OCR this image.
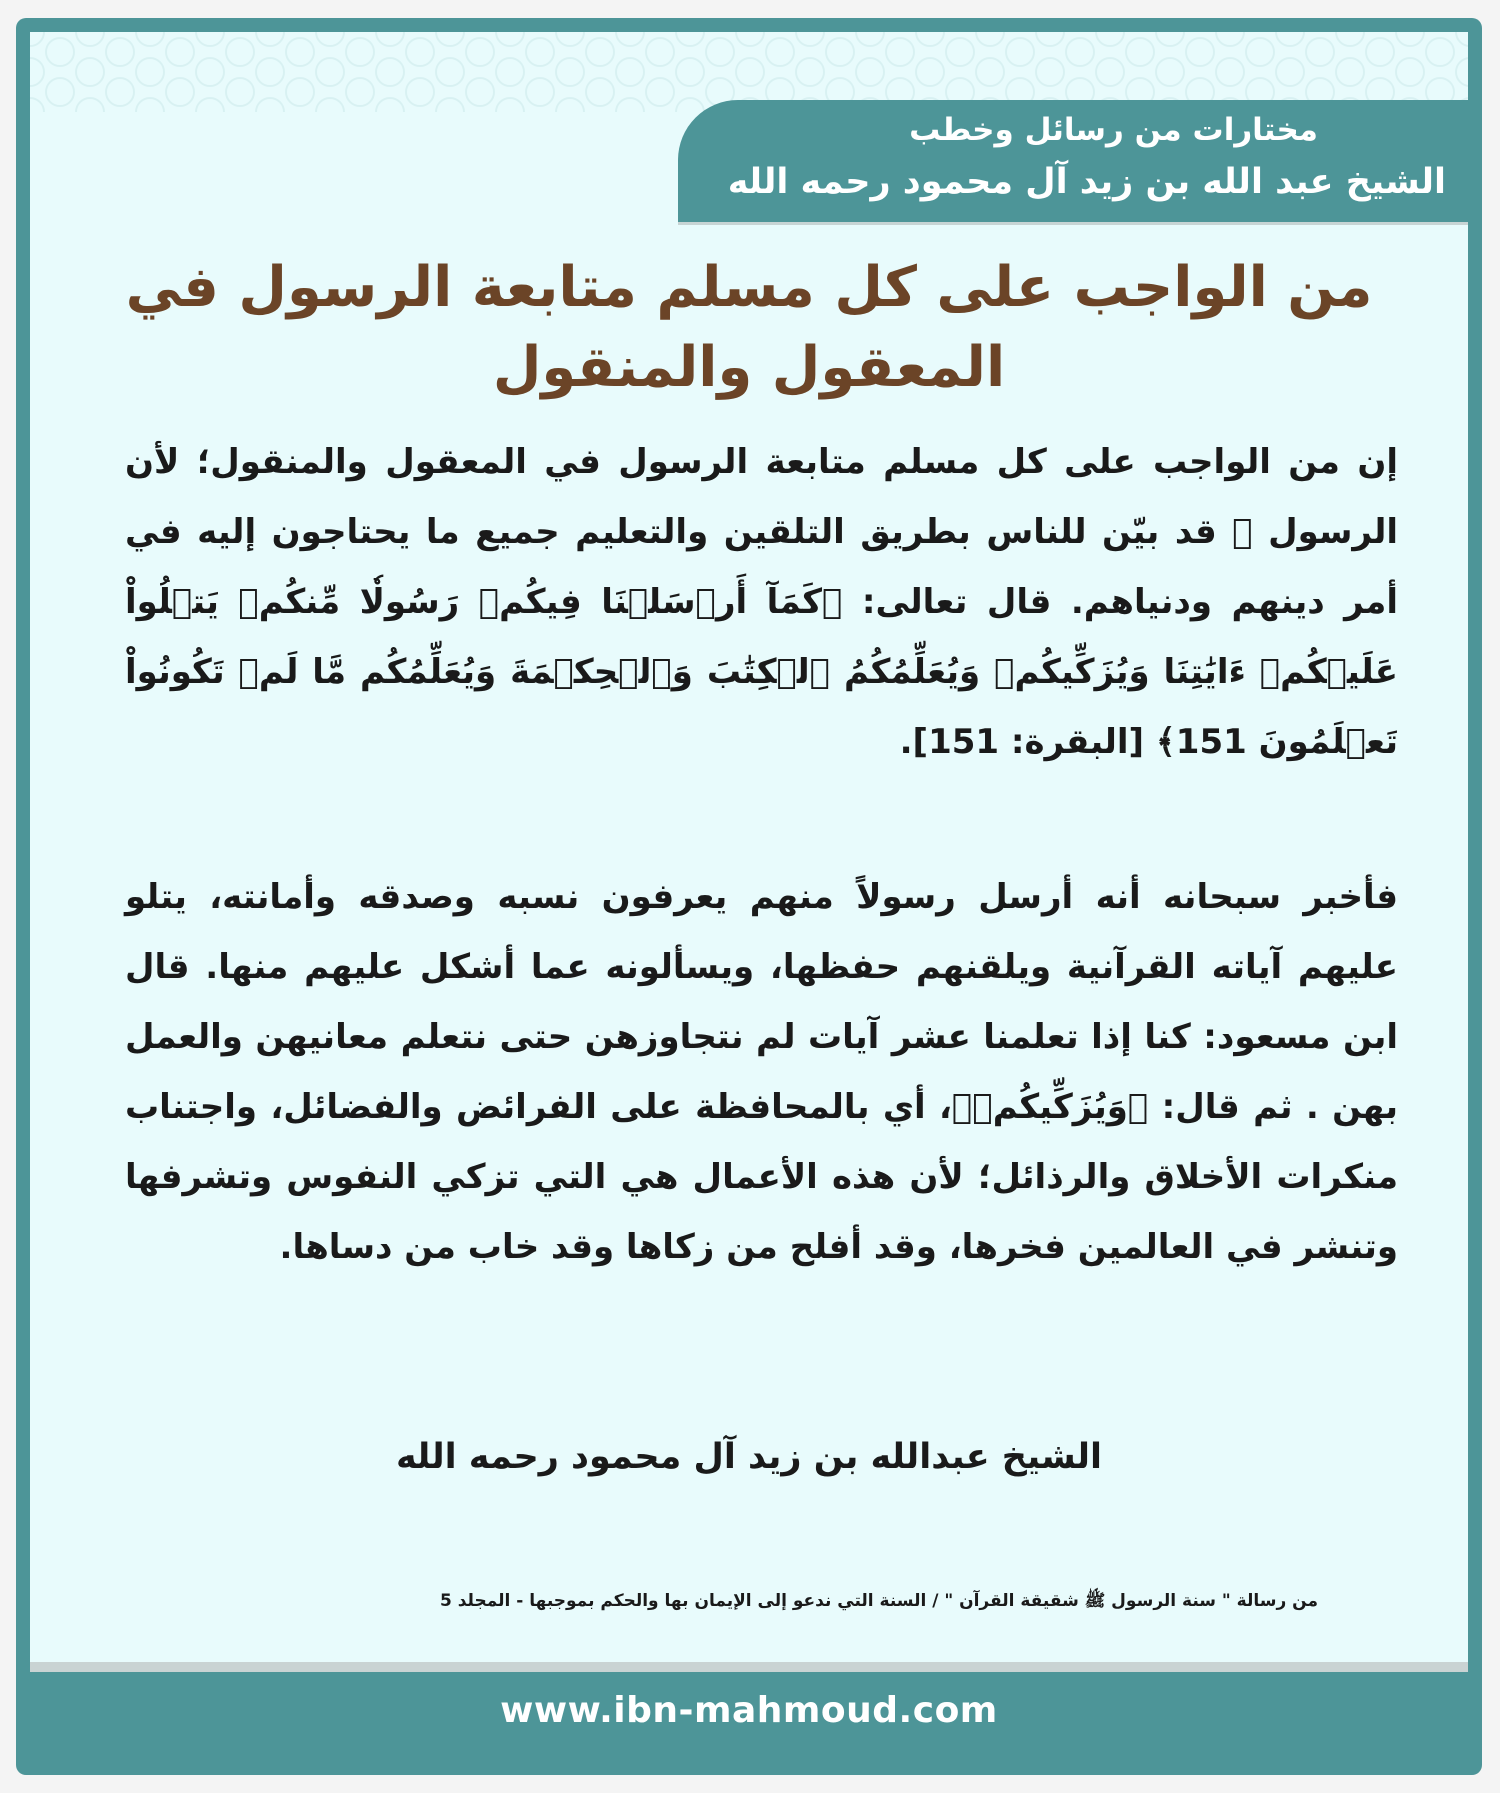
مختارات من رسائل وخطب
الشيخ عبد الله بن زيد آل محمود رحمه الله
من الواجب على كل مسلم متابعة الرسول في المعقول والمنقول
إن من الواجب على كل مسلم متابعة الرسول في المعقول والمنقول؛ لأن الرسول ﷺ قد بيّن للناس بطريق التلقين والتعليم جميع ما يحتاجون إليه في أمر دينهم ودنياهم. قال تعالى: ﴿كَمَآ أَرۡسَلۡنَا فِيكُمۡ رَسُولٗا مِّنكُمۡ يَتۡلُواْ عَلَيۡكُمۡ ءَايَٰتِنَا وَيُزَكِّيكُمۡ وَيُعَلِّمُكُمُ ٱلۡكِتَٰبَ وَٱلۡحِكۡمَةَ وَيُعَلِّمُكُم مَّا لَمۡ تَكُونُواْ تَعۡلَمُونَ 151﴾ [البقرة: 151].
فأخبر سبحانه أنه أرسل رسولاً منهم يعرفون نسبه وصدقه وأمانته، يتلو عليهم آياته القرآنية ويلقنهم حفظها، ويسألونه عما أشكل عليهم منها. قال ابن مسعود: كنا إذا تعلمنا عشر آيات لم نتجاوزهن حتى نتعلم معانيهن والعمل بهن . ثم قال: ﴿وَيُزَكِّيكُمۡ﴾، أي بالمحافظة على الفرائض والفضائل، واجتناب منكرات الأخلاق والرذائل؛ لأن هذه الأعمال هي التي تزكي النفوس وتشرفها وتنشر في العالمين فخرها، وقد أفلح من زكاها وقد خاب من دساها.
الشيخ عبدالله بن زيد آل محمود رحمه الله
من رسالة " سنة الرسول ﷺ شقيقة القرآن " / السنة التي ندعو إلى الإيمان بها والحكم بموجبها - المجلد 5
www.ibn-mahmoud.com
